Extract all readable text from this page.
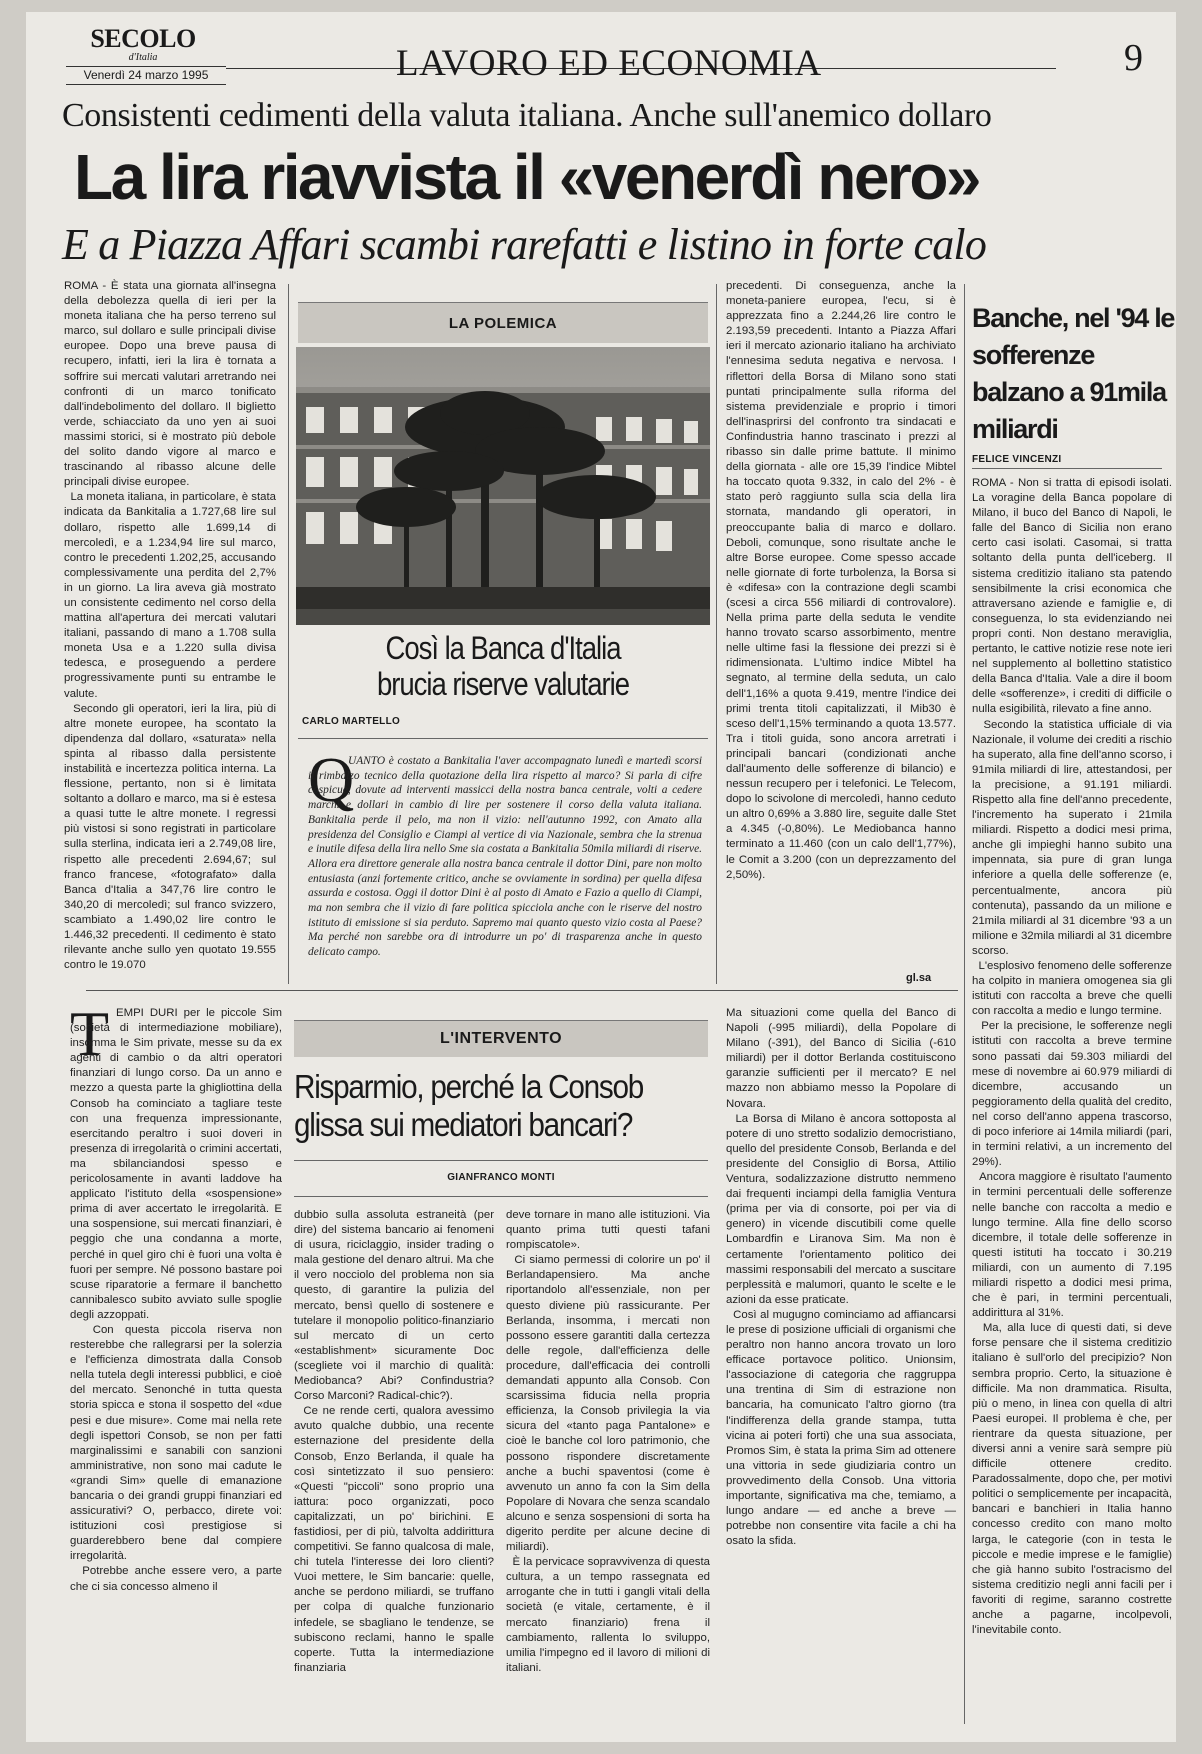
SECOLO
d'Italia
Venerdì 24 marzo 1995	LAVORO ED ECONOMIA	9
Consistenti cedimenti della valuta italiana. Anche sull'anemico dollaro
La lira riavvista il «venerdì nero»
E a Piazza Affari scambi rarefatti e listino in forte calo
ROMA - È stata una giornata all'insegna della debolezza quella di ieri per la moneta italiana che ha perso terreno sul marco, sul dollaro e sulle principali divise europee. Dopo una breve pausa di recupero, infatti, ieri la lira è tornata a soffrire sui mercati valutari arretrando nei confronti di un marco tonificato dall'indebolimento del dollaro. Il biglietto verde, schiacciato da uno yen ai suoi massimi storici, si è mostrato più debole del solito dando vigore al marco e trascinando al ribasso alcune delle principali divise europee.
La moneta italiana, in particolare, è stata indicata da Bankitalia a 1.727,68 lire sul dollaro, rispetto alle 1.699,14 di mercoledì, e a 1.234,94 lire sul marco, contro le precedenti 1.202,25, accusando complessivamente una perdita del 2,7% in un giorno. La lira aveva già mostrato un consistente cedimento nel corso della mattina all'apertura dei mercati valutari italiani, passando di mano a 1.708 sulla moneta Usa e a 1.220 sulla divisa tedesca, e proseguendo a perdere progressivamente punti su entrambe le valute.
Secondo gli operatori, ieri la lira, più di altre monete europee, ha scontato la dipendenza dal dollaro, «saturata» nella spinta al ribasso dalla persistente instabilità e incertezza politica interna. La flessione, pertanto, non si è limitata soltanto a dollaro e marco, ma si è estesa a quasi tutte le altre monete. I regressi più vistosi si sono registrati in particolare sulla sterlina, indicata ieri a 2.749,08 lire, rispetto alle precedenti 2.694,67; sul franco francese, «fotografato» dalla Banca d'Italia a 347,76 lire contro le 340,20 di mercoledì; sul franco svizzero, scambiato a 1.490,02 lire contro le 1.446,32 precedenti. Il cedimento è stato rilevante anche sullo yen quotato 19.555 contro le 19.070
LA POLEMICA
Così la Banca d'Italia
brucia riserve valutarie
CARLO MARTELLO
Q
UANTO è costato a Bankitalia l'aver accompagnato lunedì e martedì scorsi il rimbalzo tecnico della quotazione della lira rispetto al marco? Si parla di cifre cospicue, dovute ad interventi massicci della nostra banca centrale, volti a cedere marchi e dollari in cambio di lire per sostenere il corso della valuta italiana. Bankitalia perde il pelo, ma non il vizio: nell'autunno 1992, con Amato alla presidenza del Consiglio e Ciampi al vertice di via Nazionale, sembra che la strenua e inutile difesa della lira nello Sme sia costata a Bankitalia 50mila miliardi di riserve. Allora era direttore generale alla nostra banca centrale il dottor Dini, pare non molto entusiasta (anzi fortemente critico, anche se ovviamente in sordina) per quella difesa assurda e costosa. Oggi il dottor Dini è al posto di Amato e Fazio a quello di Ciampi, ma non sembra che il vizio di fare politica spicciola anche con le riserve del nostro istituto di emissione si sia perduto. Sapremo mai quanto questo vizio costa al Paese? Ma perché non sarebbe ora di introdurre un po' di trasparenza anche in questo delicato campo.
precedenti. Di conseguenza, anche la moneta-paniere europea, l'ecu, si è apprezzata fino a 2.244,26 lire contro le 2.193,59 precedenti. Intanto a Piazza Affari ieri il mercato azionario italiano ha archiviato l'ennesima seduta negativa e nervosa. I riflettori della Borsa di Milano sono stati puntati principalmente sulla riforma del sistema previdenziale e proprio i timori dell'inasprirsi del confronto tra sindacati e Confindustria hanno trascinato i prezzi al ribasso sin dalle prime battute. Il minimo della giornata - alle ore 15,39 l'indice Mibtel ha toccato quota 9.332, in calo del 2% - è stato però raggiunto sulla scia della lira stornata, mandando gli operatori, in preoccupante balia di marco e dollaro. Deboli, comunque, sono risultate anche le altre Borse europee. Come spesso accade nelle giornate di forte turbolenza, la Borsa si è «difesa» con la contrazione degli scambi (scesi a circa 556 miliardi di controvalore). Nella prima parte della seduta le vendite hanno trovato scarso assorbimento, mentre nelle ultime fasi la flessione dei prezzi si è ridimensionata. L'ultimo indice Mibtel ha segnato, al termine della seduta, un calo dell'1,16% a quota 9.419, mentre l'indice dei primi trenta titoli capitalizzati, il Mib30 è sceso dell'1,15% terminando a quota 13.577. Tra i titoli guida, sono ancora arretrati i principali bancari (condizionati anche dall'aumento delle sofferenze di bilancio) e nessun recupero per i telefonici. Le Telecom, dopo lo scivolone di mercoledì, hanno ceduto un altro 0,69% a 3.880 lire, seguite dalle Stet a 4.345 (-0,80%). Le Mediobanca hanno terminato a 11.460 (con un calo dell'1,77%), le Comit a 3.200 (con un deprezzamento del 2,50%).
gl.sa
Banche, nel '94 le sofferenze balzano a 91mila miliardi
FELICE VINCENZI
ROMA - Non si tratta di episodi isolati. La voragine della Banca popolare di Milano, il buco del Banco di Napoli, le falle del Banco di Sicilia non erano certo casi isolati. Casomai, si tratta soltanto della punta dell'iceberg. Il sistema creditizio italiano sta patendo sensibilmente la crisi economica che attraversano aziende e famiglie e, di conseguenza, lo sta evidenziando nei propri conti. Non destano meraviglia, pertanto, le cattive notizie rese note ieri nel supplemento al bollettino statistico della Banca d'Italia. Vale a dire il boom delle «sofferenze», i crediti di difficile o nulla esigibilità, rilevato a fine anno.
Secondo la statistica ufficiale di via Nazionale, il volume dei crediti a rischio ha superato, alla fine dell'anno scorso, i 91mila miliardi di lire, attestandosi, per la precisione, a 91.191 miliardi. Rispetto alla fine dell'anno precedente, l'incremento ha superato i 21mila miliardi. Rispetto a dodici mesi prima, anche gli impieghi hanno subito una impennata, sia pure di gran lunga inferiore a quella delle sofferenze (e, percentualmente, ancora più contenuta), passando da un milione e 21mila miliardi al 31 dicembre '93 a un milione e 32mila miliardi al 31 dicembre scorso.
L'esplosivo fenomeno delle sofferenze ha colpito in maniera omogenea sia gli istituti con raccolta a breve che quelli con raccolta a medio e lungo termine.
Per la precisione, le sofferenze negli istituti con raccolta a breve termine sono passati dai 59.303 miliardi del mese di novembre ai 60.979 miliardi di dicembre, accusando un peggioramento della qualità del credito, nel corso dell'anno appena trascorso, di poco inferiore ai 14mila miliardi (pari, in termini relativi, a un incremento del 29%).
Ancora maggiore è risultato l'aumento in termini percentuali delle sofferenze nelle banche con raccolta a medio e lungo termine. Alla fine dello scorso dicembre, il totale delle sofferenze in questi istituti ha toccato i 30.219 miliardi, con un aumento di 7.195 miliardi rispetto a dodici mesi prima, che è pari, in termini percentuali, addirittura al 31%.
Ma, alla luce di questi dati, si deve forse pensare che il sistema creditizio italiano è sull'orlo del precipizio? Non sembra proprio. Certo, la situazione è difficile. Ma non drammatica. Risulta, più o meno, in linea con quella di altri Paesi europei. Il problema è che, per rientrare da questa situazione, per diversi anni a venire sarà sempre più difficile ottenere credito. Paradossalmente, dopo che, per motivi politici o semplicemente per incapacità, bancari e banchieri in Italia hanno concesso credito con mano molto larga, le categorie (con in testa le piccole e medie imprese e le famiglie) che già hanno subito l'ostracismo del sistema creditizio negli anni facili per i favoriti di regime, saranno costrette anche a pagarne, incolpevoli, l'inevitabile conto.
T EMPI DURI per le piccole Sim (società di intermediazione mobiliare), insomma le Sim private, messe su da ex agenti di cambio o da altri operatori finanziari di lungo corso. Da un anno e mezzo a questa parte la ghigliottina della Consob ha cominciato a tagliare teste con una frequenza impressionante, esercitando peraltro i suoi doveri in presenza di irregolarità o crimini accertati, ma sbilanciandosi spesso e pericolosamente in avanti laddove ha applicato l'istituto della «sospensione» prima di aver accertato le irregolarità. E una sospensione, sui mercati finanziari, è peggio che una condanna a morte, perché in quel giro chi è fuori una volta è fuori per sempre. Né possono bastare poi scuse riparatorie a fermare il banchetto cannibalesco subito avviato sulle spoglie degli azzoppati.
Con questa piccola riserva non resterebbe che rallegrarsi per la solerzia e l'efficienza dimostrata dalla Consob nella tutela degli interessi pubblici, e cioè del mercato. Senonché in tutta questa storia spicca e stona il sospetto del «due pesi e due misure». Come mai nella rete degli ispettori Consob, se non per fatti marginalissimi e sanabili con sanzioni amministrative, non sono mai cadute le «grandi Sim» quelle di emanazione bancaria o dei grandi gruppi finanziari ed assicurativi? O, perbacco, direte voi: istituzioni così prestigiose si guarderebbero bene dal compiere irregolarità.
Potrebbe anche essere vero, a parte che ci sia concesso almeno il
L'INTERVENTO
Risparmio, perché la Consob
glissa sui mediatori bancari?
GIANFRANCO MONTI
dubbio sulla assoluta estraneità (per dire) del sistema bancario ai fenomeni di usura, riciclaggio, insider trading o mala gestione del denaro altrui. Ma che il vero nocciolo del problema non sia questo, di garantire la pulizia del mercato, bensì quello di sostenere e tutelare il monopolio politico-finanziario sul mercato di un certo «establishment» sicuramente Doc (scegliete voi il marchio di qualità: Mediobanca? Abi? Confindustria? Corso Marconi? Radical-chic?).
Ce ne rende certi, qualora avessimo avuto qualche dubbio, una recente esternazione del presidente della Consob, Enzo Berlanda, il quale ha così sintetizzato il suo pensiero: «Questi "piccoli" sono proprio una iattura: poco organizzati, poco capitalizzati, un po' birichini. E fastidiosi, per di più, talvolta addirittura competitivi. Se fanno qualcosa di male, chi tutela l'interesse dei loro clienti? Vuoi mettere, le Sim bancarie: quelle, anche se perdono miliardi, se truffano per colpa di qualche funzionario infedele, se sbagliano le tendenze, se subiscono reclami, hanno le spalle coperte. Tutta la intermediazione finanziaria
deve tornare in mano alle istituzioni. Via quanto prima tutti questi tafani rompiscatole».
Ci siamo permessi di colorire un po' il Berlandapensiero. Ma anche riportandolo all'essenziale, non per questo diviene più rassicurante. Per Berlanda, insomma, i mercati non possono essere garantiti dalla certezza delle regole, dall'efficienza delle procedure, dall'efficacia dei controlli demandati appunto alla Consob. Con scarsissima fiducia nella propria efficienza, la Consob privilegia la via sicura del «tanto paga Pantalone» e cioè le banche col loro patrimonio, che possono rispondere discretamente anche a buchi spaventosi (come è avvenuto un anno fa con la Sim della Popolare di Novara che senza scandalo alcuno e senza sospensioni di sorta ha digerito perdite per alcune decine di miliardi).
È la pervicace sopravvivenza di questa cultura, a un tempo rassegnata ed arrogante che in tutti i gangli vitali della società (e vitale, certamente, è il mercato finanziario) frena il cambiamento, rallenta lo sviluppo, umilia l'impegno ed il lavoro di milioni di italiani.
Ma situazioni come quella del Banco di Napoli (-995 miliardi), della Popolare di Milano (-391), del Banco di Sicilia (-610 miliardi) per il dottor Berlanda costituiscono garanzie sufficienti per il mercato? E nel mazzo non abbiamo messo la Popolare di Novara.
La Borsa di Milano è ancora sottoposta al potere di uno stretto sodalizio democristiano, quello del presidente Consob, Berlanda e del presidente del Consiglio di Borsa, Attilio Ventura, sodalizzazione distrutto nemmeno dai frequenti inciampi della famiglia Ventura (prima per via di consorte, poi per via di genero) in vicende discutibili come quelle Lombardfin e Liranova Sim. Ma non è certamente l'orientamento politico dei massimi responsabili del mercato a suscitare perplessità e malumori, quanto le scelte e le azioni da esse praticate.
Così al mugugno cominciamo ad affiancarsi le prese di posizione ufficiali di organismi che peraltro non hanno ancora trovato un loro efficace portavoce politico. Unionsim, l'associazione di categoria che raggruppa una trentina di Sim di estrazione non bancaria, ha comunicato l'altro giorno (tra l'indifferenza della grande stampa, tutta vicina ai poteri forti) che una sua associata, Promos Sim, è stata la prima Sim ad ottenere una vittoria in sede giudiziaria contro un provvedimento della Consob. Una vittoria importante, significativa ma che, temiamo, a lungo andare — ed anche a breve — potrebbe non consentire vita facile a chi ha osato la sfida.
